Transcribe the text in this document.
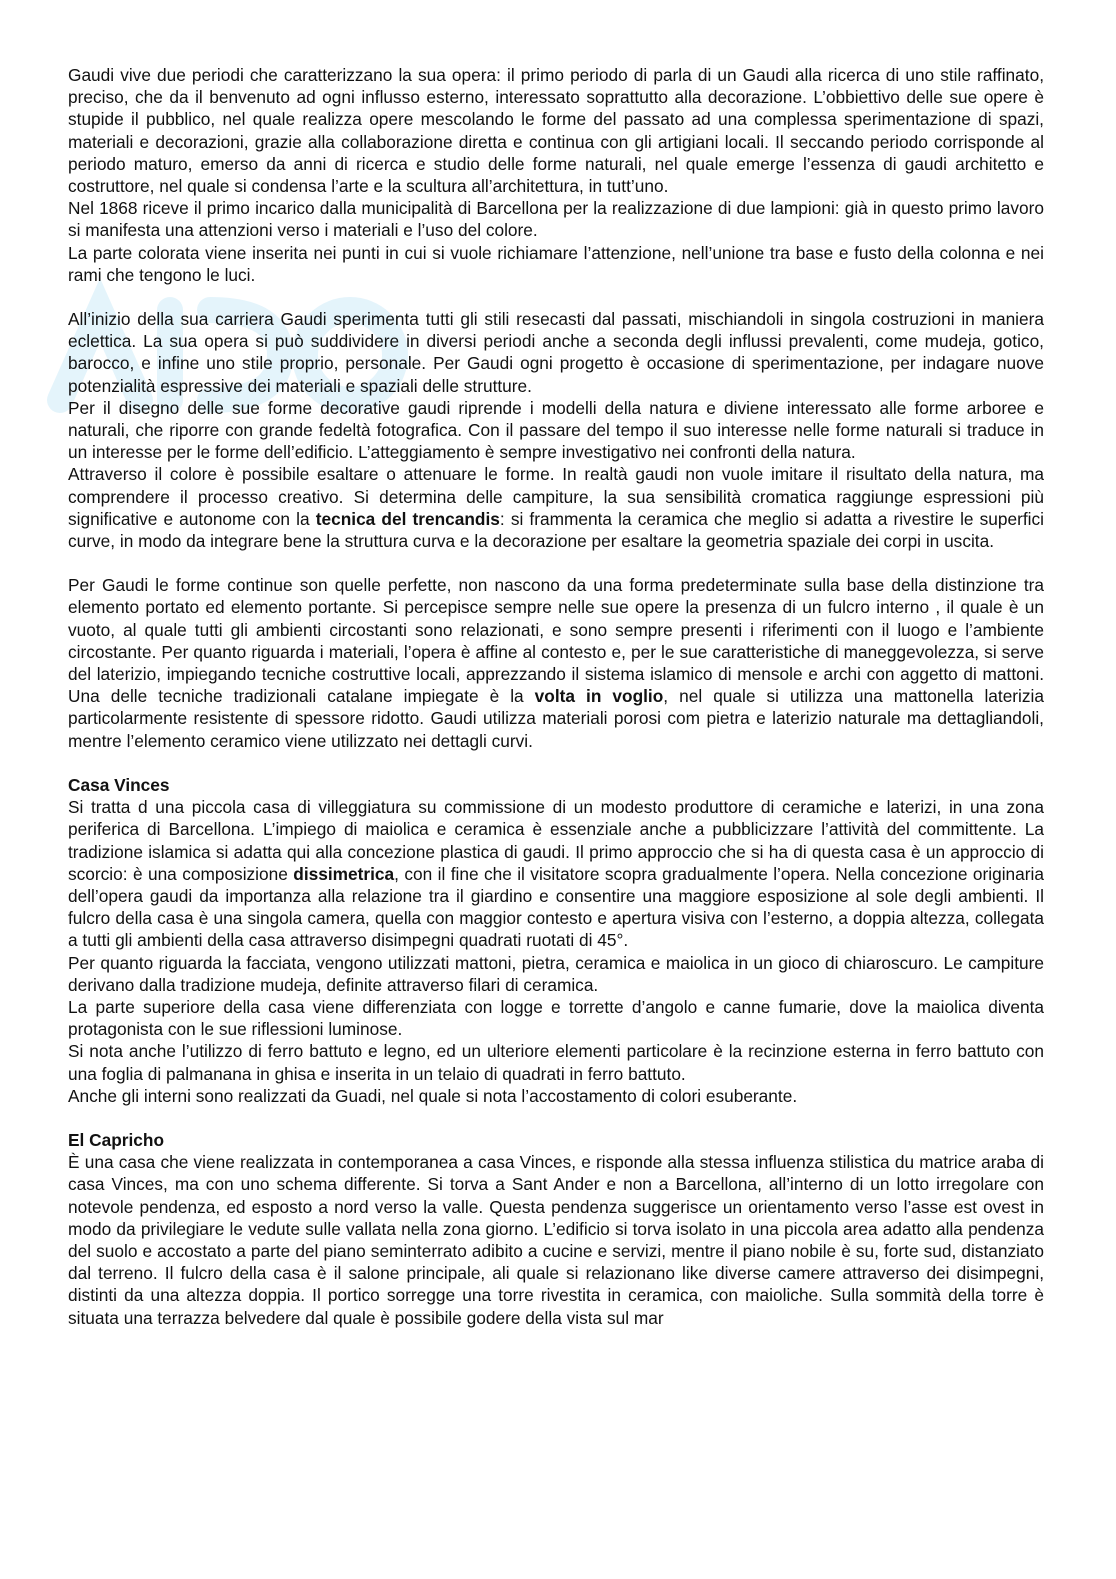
Gaudi vive due periodi che caratterizzano la sua opera: il primo periodo di parla di un Gaudi alla ricerca di uno stile raffinato, preciso, che da il benvenuto ad ogni influsso esterno, interessato soprattutto alla decorazione. L’obbiettivo delle sue opere è stupide il pubblico, nel quale realizza opere mescolando le forme del passato ad una complessa sperimentazione di spazi, materiali e decorazioni, grazie alla collaborazione diretta e continua con gli artigiani locali. Il seccando periodo corrisponde al periodo maturo, emerso da anni di ricerca e studio delle forme naturali, nel quale emerge l’essenza di gaudi architetto e costruttore, nel quale si condensa l’arte e la scultura all’architettura, in tutt’uno.

Nel 1868 riceve il primo incarico dalla municipalità di Barcellona per la realizzazione di due lampioni: già in questo primo lavoro si manifesta una attenzioni verso i materiali e l’uso del colore.

La parte colorata viene inserita nei punti in cui si vuole richiamare l’attenzione, nell’unione tra base e fusto della colonna e nei rami che tengono le luci.

All’inizio della sua carriera Gaudi sperimenta tutti gli stili resecasti dal passati, mischiandoli in singola costruzioni in maniera eclettica. La sua opera si può suddividere in diversi periodi anche a seconda degli influssi prevalenti, come mudeja, gotico, barocco, e infine uno stile proprio, personale. Per Gaudi ogni progetto è occasione di sperimentazione, per indagare nuove potenzialità espressive dei materiali e spaziali delle strutture.

Per il disegno delle sue forme decorative gaudi riprende i modelli della natura e diviene interessato alle forme arboree e naturali, che riporre con grande fedeltà fotografica. Con il passare del tempo il suo interesse nelle forme naturali si traduce in un interesse per le forme dell’edificio. L’atteggiamento è sempre investigativo nei confronti della natura.

Attraverso il colore è possibile esaltare o attenuare le forme. In realtà gaudi non vuole imitare il risultato della natura, ma comprendere il processo creativo. Si determina delle campiture, la sua sensibilità cromatica raggiunge espressioni più significative e autonome con la tecnica del trencandis: si frammenta la ceramica che meglio si adatta a rivestire le superfici curve, in modo da integrare bene la struttura curva e la decorazione per esaltare la geometria spaziale dei corpi in uscita.

Per Gaudi le forme continue son quelle perfette, non nascono da una forma predeterminate sulla base della distinzione tra elemento portato ed elemento portante. Si percepisce sempre nelle sue opere la presenza di un fulcro interno , il quale è un vuoto, al quale tutti gli ambienti circostanti sono relazionati, e sono sempre presenti i riferimenti con il luogo e l’ambiente circostante. Per quanto riguarda i materiali, l’opera è affine al contesto e, per le sue caratteristiche di maneggevolezza, si serve del laterizio, impiegando tecniche costruttive locali, apprezzando il sistema islamico di mensole e archi con aggetto di mattoni. Una delle tecniche tradizionali catalane impiegate è la volta in voglio, nel quale si utilizza una mattonella laterizia particolarmente resistente di spessore ridotto. Gaudi utilizza materiali porosi com pietra e laterizio naturale ma dettagliandoli, mentre l’elemento ceramico viene utilizzato nei dettagli curvi.

Casa Vinces

Si tratta d una piccola casa di villeggiatura su commissione di un modesto produttore di ceramiche e laterizi, in una zona periferica di Barcellona. L’impiego di maiolica e ceramica è essenziale anche a pubblicizzare l’attività del committente. La tradizione islamica si adatta qui alla concezione plastica di gaudi. Il primo approccio che si ha di questa casa è un approccio di scorcio: è una composizione dissimetrica, con il fine che il visitatore scopra gradualmente l’opera. Nella concezione originaria dell’opera gaudi da importanza alla relazione tra il giardino e consentire una maggiore esposizione al sole degli ambienti. Il fulcro della casa è una singola camera, quella con maggior contesto e apertura visiva con l’esterno, a doppia altezza, collegata a tutti gli ambienti della casa attraverso disimpegni quadrati ruotati di 45°.

Per quanto riguarda la facciata, vengono utilizzati mattoni, pietra, ceramica e maiolica in un gioco di chiaroscuro. Le campiture derivano dalla tradizione mudeja, definite attraverso filari di ceramica.

La parte superiore della casa viene differenziata con logge e torrette d’angolo e canne fumarie, dove la maiolica diventa protagonista con le sue riflessioni luminose.

Si nota anche l’utilizzo di ferro battuto e legno, ed un ulteriore elementi particolare è la recinzione esterna in ferro battuto con una foglia di palmanana in ghisa e inserita in un telaio di quadrati in ferro battuto.

Anche gli interni sono realizzati da Guadi, nel quale si nota l’accostamento di colori esuberante.

El Capricho

È una casa che viene realizzata in contemporanea a casa Vinces, e risponde alla stessa influenza stilistica du matrice araba di casa Vinces, ma con uno schema differente. Si torva a Sant Ander e non a Barcellona, all’interno di un lotto irregolare con notevole pendenza, ed esposto a nord verso la valle. Questa pendenza suggerisce un orientamento verso l’asse est ovest in modo da privilegiare le vedute sulle vallata nella zona giorno. L’edificio si torva isolato in una piccola area adatto alla pendenza del suolo e accostato a parte del piano seminterrato adibito a cucine e servizi, mentre il piano nobile è su, forte sud, distanziato dal terreno. Il fulcro della casa è il salone principale, ali quale si relazionano like diverse camere attraverso dei disimpegni, distinti da una altezza doppia. Il portico sorregge una torre rivestita in ceramica, con maioliche. Sulla sommità della torre è situata una terrazza belvedere dal quale è possibile godere della vista sul mar
